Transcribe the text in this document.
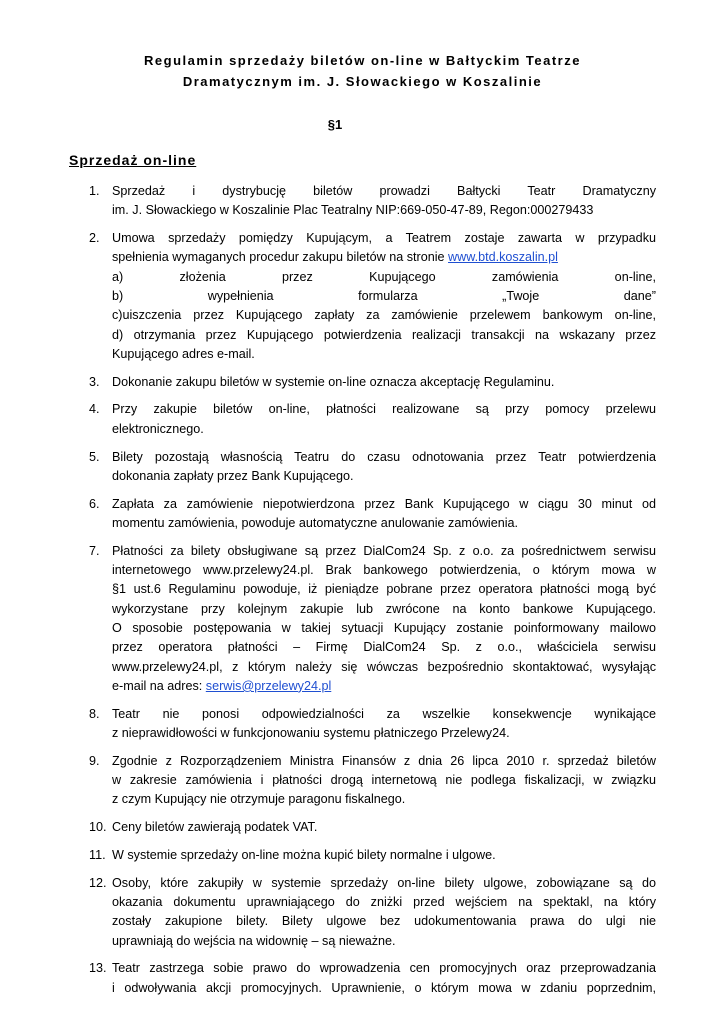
Regulamin sprzedaży biletów on-line w Bałtyckim Teatrze
Dramatycznym im. J. Słowackiego w Koszalinie
§1
Sprzedaż on-line
1. Sprzedaż i dystrybucję biletów prowadzi Bałtycki Teatr Dramatyczny
im. J. Słowackiego w Koszalinie Plac Teatralny NIP:669-050-47-89, Regon:000279433
2. Umowa sprzedaży pomiędzy Kupującym, a Teatrem zostaje zawarta w przypadku
spełnienia wymaganych procedur zakupu biletów na stronie www.btd.koszalin.pl
a) złożenia przez Kupującego zamówienia on-line,
b) wypełnienia formularza „Twoje dane”
c)uiszczenia przez Kupującego zapłaty za zamówienie przelewem bankowym on-line,
d) otrzymania przez Kupującego potwierdzenia realizacji transakcji na wskazany przez
Kupującego adres e-mail.
3. Dokonanie zakupu biletów w systemie on-line oznacza akceptację Regulaminu.
4. Przy zakupie biletów on-line, płatności realizowane są przy pomocy przelewu
elektronicznego.
5. Bilety pozostają własnością Teatru do czasu odnotowania przez Teatr potwierdzenia
dokonania zapłaty przez Bank Kupującego.
6. Zapłata za zamówienie niepotwierdzona przez Bank Kupującego w ciągu 30 minut od
momentu zamówienia, powoduje automatyczne anulowanie zamówienia.
7. Płatności za bilety obsługiwane są przez DialCom24 Sp. z o.o. za pośrednictwem serwisu
internetowego www.przelewy24.pl. Brak bankowego potwierdzenia, o którym mowa w
§1 ust.6 Regulaminu powoduje, iż pieniądze pobrane przez operatora płatności mogą być
wykorzystane przy kolejnym zakupie lub zwrócone na konto bankowe Kupującego.
O sposobie postępowania w takiej sytuacji Kupujący zostanie poinformowany mailowo
przez operatora płatności – Firmę DialCom24 Sp. z o.o., właściciela serwisu
www.przelewy24.pl, z którym należy się wówczas bezpośrednio skontaktować, wysyłając
e-mail na adres: serwis@przelewy24.pl
8. Teatr nie ponosi odpowiedzialności za wszelkie konsekwencje wynikające
z nieprawidłowości w funkcjonowaniu systemu płatniczego Przelewy24.
9. Zgodnie z Rozporządzeniem Ministra Finansów z dnia 26 lipca 2010 r. sprzedaż biletów
w zakresie zamówienia i płatności drogą internetową nie podlega fiskalizacji, w związku
z czym Kupujący nie otrzymuje paragonu fiskalnego.
10. Ceny biletów zawierają podatek VAT.
11. W systemie sprzedaży on-line można kupić bilety normalne i ulgowe.
12. Osoby, które zakupiły w systemie sprzedaży on-line bilety ulgowe, zobowiązane są do
okazania dokumentu uprawniającego do zniżki przed wejściem na spektakl, na który
zostały zakupione bilety. Bilety ulgowe bez udokumentowania prawa do ulgi nie
uprawniają do wejścia na widownię – są nieważne.
13. Teatr zastrzega sobie prawo do wprowadzenia cen promocyjnych oraz przeprowadzania
i odwoływania akcji promocyjnych. Uprawnienie, o którym mowa w zdaniu poprzednim,
